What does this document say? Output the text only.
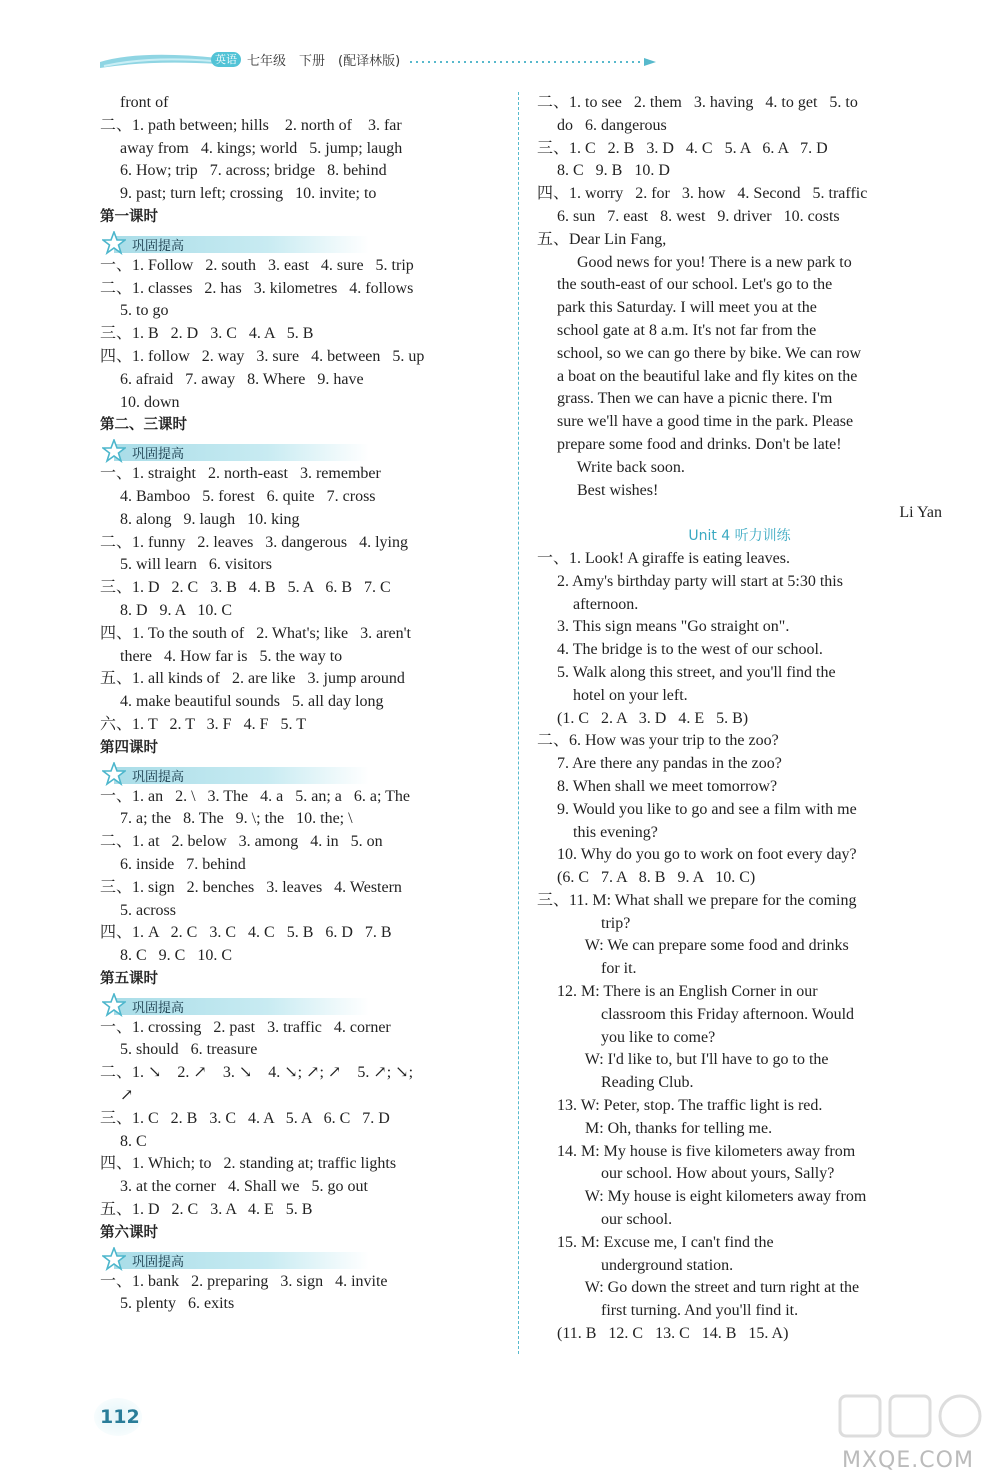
英语 七年级　下册　(配译林版)
front of
二、1. path between; hills    2. north of    3. far
away from   4. kings; world   5. jump; laugh
6. How; trip   7. across; bridge   8. behind
9. past; turn left; crossing   10. invite; to
第一课时
巩固提高
一、1. Follow   2. south   3. east   4. sure   5. trip
二、1. classes   2. has   3. kilometres   4. follows
5. to go
三、1. B   2. D   3. C   4. A   5. B
四、1. follow   2. way   3. sure   4. between   5. up
6. afraid   7. away   8. Where   9. have
10. down
第二、三课时
巩固提高
一、1. straight   2. north-east   3. remember
4. Bamboo   5. forest   6. quite   7. cross
8. along   9. laugh   10. king
二、1. funny   2. leaves   3. dangerous   4. lying
5. will learn   6. visitors
三、1. D   2. C   3. B   4. B   5. A   6. B   7. C
8. D   9. A   10. C
四、1. To the south of   2. What's; like   3. aren't
there   4. How far is   5. the way to
五、1. all kinds of   2. are like   3. jump around
4. make beautiful sounds   5. all day long
六、1. T   2. T   3. F   4. F   5. T
第四课时
巩固提高
一、1. an   2. \   3. The   4. a   5. an; a   6. a; The
7. a; the   8. The   9. \; the   10. the; \
二、1. at   2. below   3. among   4. in   5. on
6. inside   7. behind
三、1. sign   2. benches   3. leaves   4. Western
5. across
四、1. A   2. C   3. C   4. C   5. B   6. D   7. B
8. C   9. C   10. C
第五课时
巩固提高
一、1. crossing   2. past   3. traffic   4. corner
5. should   6. treasure
二、1. ↘    2. ↗    3. ↘    4. ↘; ↗; ↗    5. ↗; ↘;
↗
三、1. C   2. B   3. C   4. A   5. A   6. C   7. D
8. C
四、1. Which; to   2. standing at; traffic lights
3. at the corner   4. Shall we   5. go out
五、1. D   2. C   3. A   4. E   5. B
第六课时
巩固提高
一、1. bank   2. preparing   3. sign   4. invite
5. plenty   6. exits
二、1. to see   2. them   3. having   4. to get   5. to
do   6. dangerous
三、1. C   2. B   3. D   4. C   5. A   6. A   7. D
8. C   9. B   10. D
四、1. worry   2. for   3. how   4. Second   5. traffic
6. sun   7. east   8. west   9. driver   10. costs
五、Dear Lin Fang,
Good news for you! There is a new park to
the south-east of our school. Let's go to the
park this Saturday. I will meet you at the
school gate at 8 a.m. It's not far from the
school, so we can go there by bike. We can row
a boat on the beautiful lake and fly kites on the
grass. Then we can have a picnic there. I'm
sure we'll have a good time in the park. Please
prepare some food and drinks. Don't be late!
Write back soon.
Best wishes!
Li Yan
Unit 4 听力训练
一、1. Look! A giraffe is eating leaves.
2. Amy's birthday party will start at 5:30 this
afternoon.
3. This sign means "Go straight on".
4. The bridge is to the west of our school.
5. Walk along this street, and you'll find the
hotel on your left.
(1. C   2. A   3. D   4. E   5. B)
二、6. How was your trip to the zoo?
7. Are there any pandas in the zoo?
8. When shall we meet tomorrow?
9. Would you like to go and see a film with me
this evening?
10. Why do you go to work on foot every day?
(6. C   7. A   8. B   9. A   10. C)
三、11. M: What shall we prepare for the coming
trip?
W: We can prepare some food and drinks
for it.
12. M: There is an English Corner in our
classroom this Friday afternoon. Would
you like to come?
W: I'd like to, but I'll have to go to the
Reading Club.
13. W: Peter, stop. The traffic light is red.
M: Oh, thanks for telling me.
14. M: My house is five kilometers away from
our school. How about yours, Sally?
W: My house is eight kilometers away from
our school.
15. M: Excuse me, I can't find the
underground station.
W: Go down the street and turn right at the
first turning. And you'll find it.
(11. B   12. C   13. C   14. B   15. A)
112
MXQE.COM
